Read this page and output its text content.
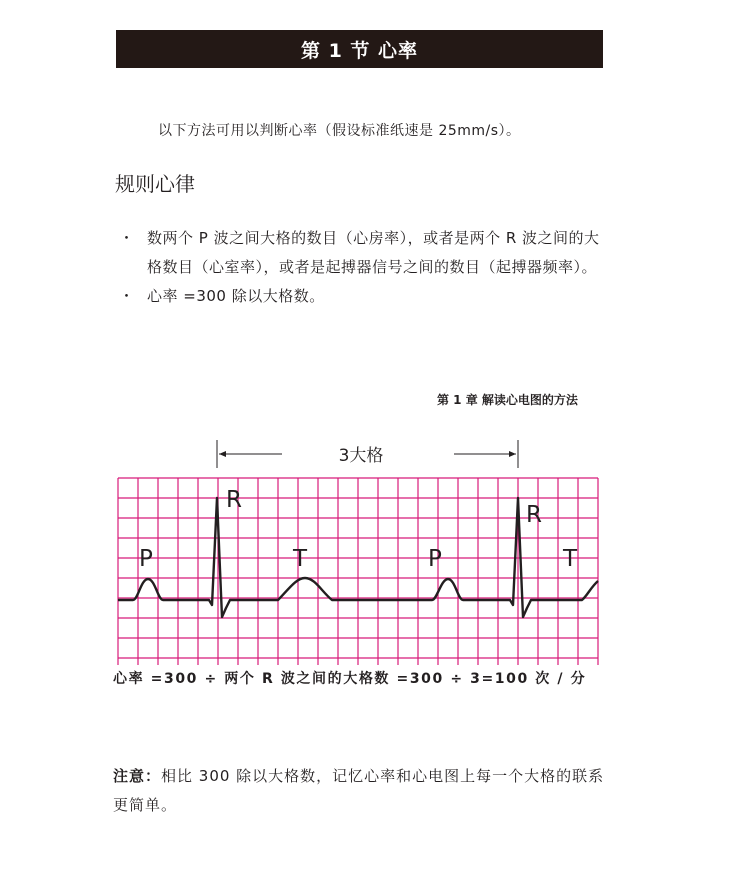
第 1 节 心率
以下方法可用以判断心率（假设标准纸速是 25mm/s）。
规则心律
・ 数两个 P 波之间大格的数目（心房率），或者是两个 R 波之间的大格数目（心室率），或者是起搏器信号之间的数目（起搏器频率）。
・ 心率 =300 除以大格数。
第 1 章 解读心电图的方法
3大格
P
R
T	P
R
T
心率 =300 ÷ 两个 R 波之间的大格数 =300 ÷ 3=100 次 / 分
注意：相比 300 除以大格数，记忆心率和心电图上每一个大格的联系更简单。
